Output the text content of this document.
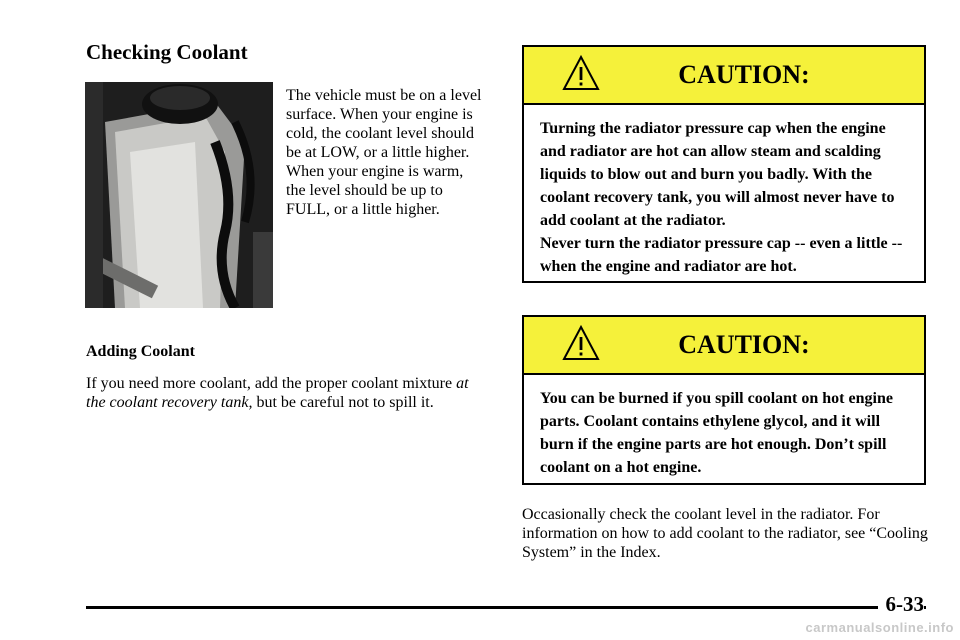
Checking Coolant

The vehicle must be on a level surface. When your engine is cold, the coolant level should be at LOW, or a little higher. When your engine is warm, the level should be up to FULL, or a little higher.

Adding Coolant

If you need more coolant, add the proper coolant mixture at the coolant recovery tank, but be careful not to spill it.

CAUTION:

Turning the radiator pressure cap when the engine and radiator are hot can allow steam and scalding liquids to blow out and burn you badly. With the coolant recovery tank, you will almost never have to add coolant at the radiator.

Never turn the radiator pressure cap -- even a little -- when the engine and radiator are hot.

CAUTION:

You can be burned if you spill coolant on hot engine parts. Coolant contains ethylene glycol, and it will burn if the engine parts are hot enough. Don’t spill coolant on a hot engine.

Occasionally check the coolant level in the radiator. For information on how to add coolant to the radiator, see “Cooling System” in the Index.

6-33

carmanualsonline.info
